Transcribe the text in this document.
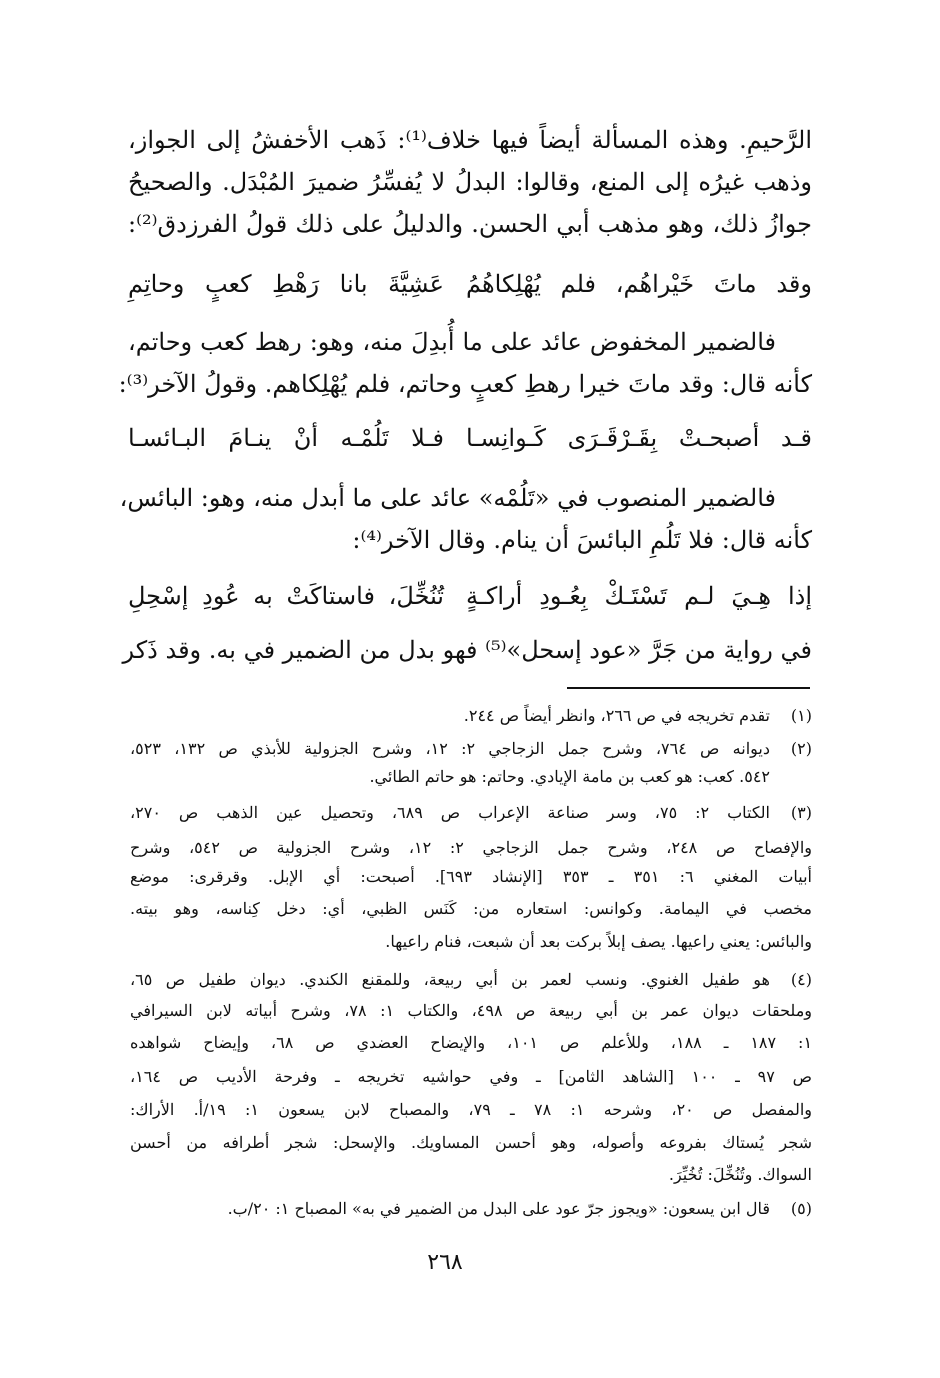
الرَّحيمِ. وهذه المسألة أيضاً فيها خلاف⁽¹⁾: ذَهب الأخفشُ إلى الجواز،
وذهب غيرُه إلى المنع، وقالوا: البدلُ لا يُفسِّرُ ضميرَ المُبْدَل. والصحيحُ
جوازُ ذلك، وهو مذهب أبي الحسن. والدليلُ على ذلك قولُ الفرزدق⁽²⁾:
وقد ماتَ خَيْراهُم، فلم يُهْلِكاهُمُ
عَشِيَّةَ بانا رَهْطِ كعبٍ وحاتِمِ
فالضمير المخفوض عائد على ما أُبدِلَ منه، وهو: رهط كعب وحاتم،
كأنه قال: وقد ماتَ خيرا رهطِ كعبٍ وحاتم، فلم يُهْلِكاهم. وقولُ الآخر⁽³⁾:
قـد أصبحـتْ بِقَـرْقَـرَى كَـوانِسـا
فـلا تَلُمْـه أنْ ينـامَ البـائسـا
فالضمير المنصوب في «تَلُمْه» عائد على ما أبدل منه، وهو: البائس،
كأنه قال: فلا تَلُمِ البائسَ أن ينام. وقال الآخر⁽⁴⁾:
إذا هِـيَ لـم تَسْتَـكْ بِعُـودِ أراكـةٍ
تُنُخِّلَ، فاستاكَتْ به عُودِ إسْحِلِ
في رواية من جَرَّ «عود إسحل»⁽⁵⁾ فهو بدل من الضمير في به. وقد ذَكر
(١)
تقدم تخريجه في ص ٢٦٦، وانظر أيضاً ص ٢٤٤.
(٢)
ديوانه ص ٧٦٤، وشرح جمل الزجاجي ٢: ١٢، وشرح الجزولية للأبذي ص ١٣٢، ٥٢٣،
٥٤٢. كعب: هو كعب بن مامة الإيادي. وحاتم: هو حاتم الطائي.
(٣)
الكتاب ٢: ٧٥، وسر صناعة الإعراب ص ٦٨٩، وتحصيل عين الذهب ص ٢٧٠،
والإفصاح ص ٢٤٨، وشرح جمل الزجاجي ٢: ١٢، وشرح الجزولية ص ٥٤٢، وشرح
أبيات المغني ٦: ٣٥١ ـ ٣٥٣ [الإنشاد ٦٩٣]. أصبحت: أي الإبل. وقرقرى: موضع
مخصب في اليمامة. وكوانس: استعاره من: كَنَس الظبي، أي: دخل كِناسه، وهو بيته.
والبائس: يعني راعيها. يصف إبلاً بركت بعد أن شبعت، فنام راعيها.
(٤)
هو طفيل الغنوي. ونسب لعمر بن أبي ربيعة، وللمقنع الكندي. ديوان طفيل ص ٦٥،
وملحقات ديوان عمر بن أبي ربيعة ص ٤٩٨، والكتاب ١: ٧٨، وشرح أبياته لابن السيرافي
١: ١٨٧ ـ ١٨٨، وللأعلم ص ١٠١، والإيضاح العضدي ص ٦٨، وإيضاح شواهده
ص ٩٧ ـ ١٠٠ [الشاهد الثامن] ـ وفي حواشيه تخريجه ـ وفرحة الأديب ص ١٦٤،
والمفصل ص ٢٠، وشرحه ١: ٧٨ ـ ٧٩، والمصباح لابن يسعون ١: ١٩/أ. الأراك:
شجر يُستاك بفروعه وأصوله، وهو أحسن المساويك. والإسحل: شجر أطرافه من أحسن
السواك. وتُنُخِّلَ: تُخُيِّرَ.
(٥)
قال ابن يسعون: «ويجوز جرّ عود على البدل من الضمير في به» المصباح ١: ٢٠/ب.
٢٦٨
